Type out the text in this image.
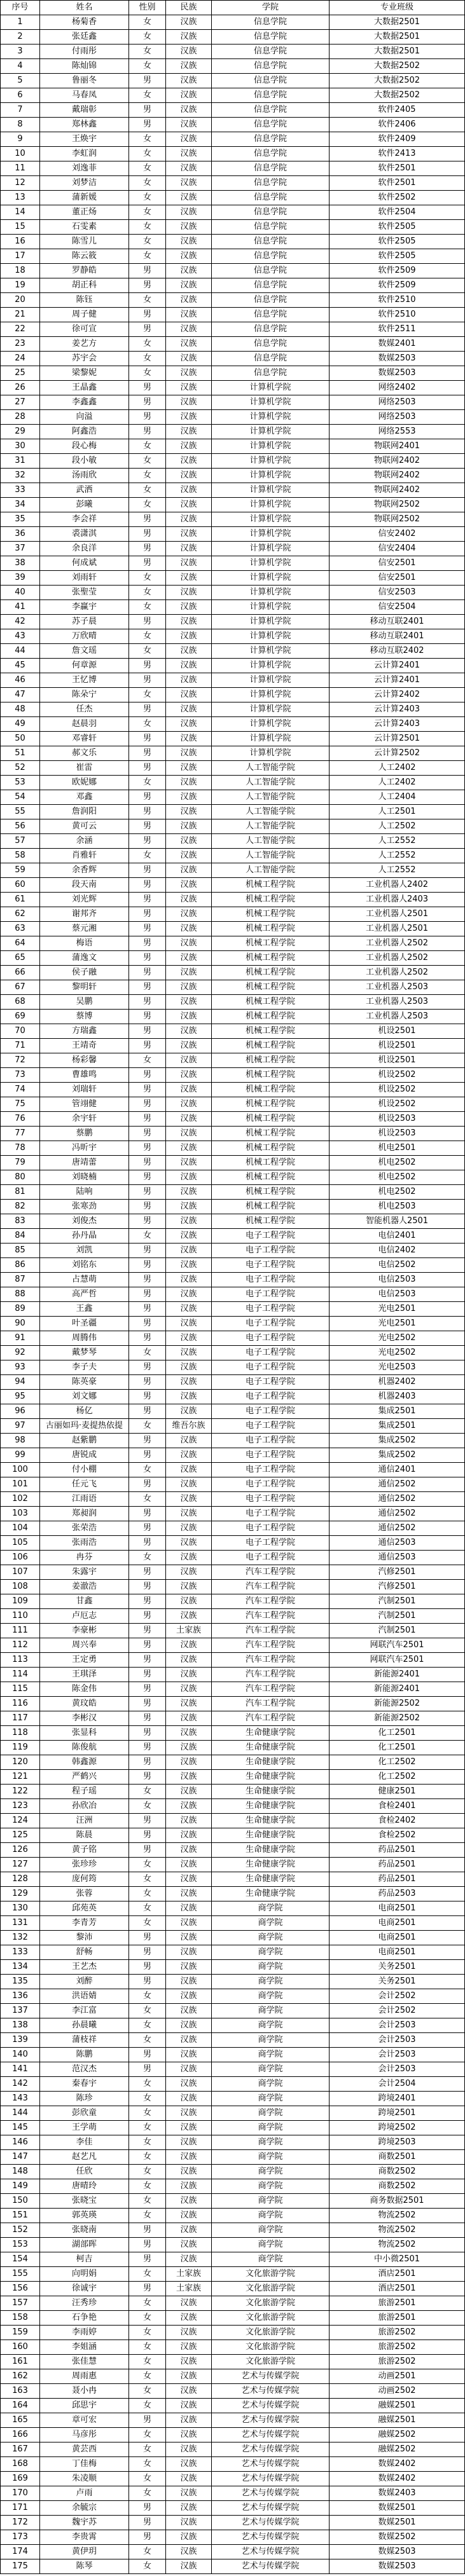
序号	姓名	性别	民族	学院	专业班级
1	杨菊香	女	汉族	信息学院	大数据2501
2	张廷鑫	女	汉族	信息学院	大数据2501
3	付雨彤	女	汉族	信息学院	大数据2501
4	陈灿锦	女	汉族	信息学院	大数据2502
5	鲁丽冬	男	汉族	信息学院	大数据2502
6	马春凤	女	汉族	信息学院	大数据2502
7	戴瑞彰	男	汉族	信息学院	软件2405
8	郑林鑫	男	汉族	信息学院	软件2406
9	王焕宇	女	汉族	信息学院	软件2409
10	李虹润	女	汉族	信息学院	软件2413
11	刘逸菲	女	汉族	信息学院	软件2501
12	刘梦洁	女	汉族	信息学院	软件2501
13	蒲新媛	女	汉族	信息学院	软件2502
14	董正炀	女	汉族	信息学院	软件2504
15	石雯素	女	汉族	信息学院	软件2505
16	陈雪儿	女	汉族	信息学院	软件2505
17	陈云筱	女	汉族	信息学院	软件2505
18	罗静皓	男	汉族	信息学院	软件2509
19	胡正科	男	汉族	信息学院	软件2509
20	陈钰	女	汉族	信息学院	软件2510
21	周子健	男	汉族	信息学院	软件2510
22	徐可宣	男	汉族	信息学院	软件2511
23	姜艺方	女	汉族	信息学院	数媒2401
24	苏宇会	女	汉族	信息学院	数媒2503
25	梁黎妮	女	汉族	信息学院	数媒2503
26	王晶鑫	男	汉族	计算机学院	网络2402
27	李鑫鑫	男	汉族	计算机学院	网络2503
28	向溢	男	汉族	计算机学院	网络2503
29	阿鑫浩	男	汉族	计算机学院	网络2553
30	段心梅	女	汉族	计算机学院	物联网2401
31	段小敏	女	汉族	计算机学院	物联网2402
32	汤雨欣	女	汉族	计算机学院	物联网2402
33	武洒	女	汉族	计算机学院	物联网2402
34	彭曦	女	汉族	计算机学院	物联网2502
35	李会祥	男	汉族	计算机学院	物联网2502
36	裘潇淇	男	汉族	计算机学院	信安2402
37	余良洋	男	汉族	计算机学院	信安2404
38	何成斌	男	汉族	计算机学院	信安2501
39	刘雨轩	女	汉族	计算机学院	信安2501
40	张聖莹	女	汉族	计算机学院	信安2503
41	李赢宇	女	汉族	计算机学院	信安2504
42	苏子晨	男	汉族	计算机学院	移动互联2401
43	万欣晴	女	汉族	计算机学院	移动互联2401
44	詹文瑶	女	汉族	计算机学院	移动互联2402
45	何章源	男	汉族	计算机学院	云计算2401
46	王忆博	男	汉族	计算机学院	云计算2401
47	陈朵宁	女	汉族	计算机学院	云计算2402
48	任杰	男	汉族	计算机学院	云计算2403
49	赵晨羽	女	汉族	计算机学院	云计算2403
50	邓睿轩	男	汉族	计算机学院	云计算2501
51	郝文乐	男	汉族	计算机学院	云计算2502
52	崔雷	男	汉族	人工智能学院	人工2402
53	欧妮娜	女	汉族	人工智能学院	人工2402
54	邓鑫	男	汉族	人工智能学院	人工2404
55	詹润阳	男	汉族	人工智能学院	人工2501
56	黄可云	男	汉族	人工智能学院	人工2502
57	余涵	男	汉族	人工智能学院	人工2552
58	肖雅轩	女	汉族	人工智能学院	人工2552
59	余香辉	男	汉族	人工智能学院	人工2552
60	段天南	男	汉族	机械工程学院	工业机器人2402
61	刘光辉	男	汉族	机械工程学院	工业机器人2403
62	谢邦齐	男	汉族	机械工程学院	工业机器人2501
63	蔡元湘	男	汉族	机械工程学院	工业机器人2501
64	梅语	男	汉族	机械工程学院	工业机器人2502
65	蒲逸文	男	汉族	机械工程学院	工业机器人2502
66	侯子融	男	汉族	机械工程学院	工业机器人2502
67	黎明轩	男	汉族	机械工程学院	工业机器人2503
68	吴鹏	男	汉族	机械工程学院	工业机器人2503
69	蔡博	男	汉族	机械工程学院	工业机器人2503
70	方瑞鑫	男	汉族	机械工程学院	机设2501
71	王靖奇	男	汉族	机械工程学院	机设2501
72	杨彩馨	女	汉族	机械工程学院	机设2501
73	曹雄鸣	男	汉族	机械工程学院	机设2502
74	刘瑞轩	男	汉族	机械工程学院	机设2502
75	管翊健	男	汉族	机械工程学院	机设2502
76	余宇轩	男	汉族	机械工程学院	机设2503
77	蔡鹏	男	汉族	机械工程学院	机设2503
78	冯昕宇	男	汉族	机械工程学院	机电2501
79	唐靖蕾	男	汉族	机械工程学院	机电2502
80	刘晓楠	男	汉族	机械工程学院	机电2502
81	陆响	男	汉族	机械工程学院	机电2502
82	张寒劲	男	汉族	机械工程学院	机电2503
83	刘俊杰	男	汉族	机械工程学院	智能机器人2501
84	孙丹晶	女	汉族	电子工程学院	电信2401
85	刘凯	男	汉族	电子工程学院	电信2402
86	刘铭东	男	汉族	电子工程学院	电信2502
87	占慧萌	男	汉族	电子工程学院	电信2503
88	高严哲	男	汉族	电子工程学院	电信2503
89	王鑫	男	汉族	电子工程学院	光电2501
90	叶圣疆	男	汉族	电子工程学院	光电2501
91	周腾伟	男	汉族	电子工程学院	光电2502
92	戴梦琴	女	汉族	电子工程学院	光电2502
93	李子夫	男	汉族	电子工程学院	光电2503
94	陈英豪	男	汉族	电子工程学院	机器2402
95	刘文娜	男	汉族	电子工程学院	机器2403
96	杨亿	男	汉族	电子工程学院	集成2501
97	古丽如玛·麦提热依提	女	维吾尔族	电子工程学院	集成2501
98	赵紫鹏	男	汉族	电子工程学院	集成2502
99	唐锐成	男	汉族	电子工程学院	集成2502
100	付小棚	女	汉族	电子工程学院	通信2401
101	任元飞	男	汉族	电子工程学院	通信2502
102	江雨语	女	汉族	电子工程学院	通信2502
103	郑昶润	男	汉族	电子工程学院	通信2502
104	张荣浩	男	汉族	电子工程学院	通信2502
105	张雨浩	男	汉族	电子工程学院	通信2503
106	冉芬	女	汉族	电子工程学院	通信2503
107	朱露宇	男	汉族	汽车工程学院	汽修2501
108	姜澈浩	男	汉族	汽车工程学院	汽修2501
109	甘鑫	男	汉族	汽车工程学院	汽制2501
110	卢厄志	男	汉族	汽车工程学院	汽制2501
111	李豪彬	男	土家族	汽车工程学院	汽制2501
112	周兴奉	男	汉族	汽车工程学院	网联汽车2501
113	王定勇	男	汉族	汽车工程学院	网联汽车2501
114	王琪泽	男	汉族	汽车工程学院	新能源2401
115	陈金伟	男	汉族	汽车工程学院	新能源2401
116	黄玟皓	男	汉族	汽车工程学院	新能源2502
117	李彬汉	男	汉族	汽车工程学院	新能源2502
118	张显科	男	汉族	生命健康学院	化工2501
119	陈俊航	男	汉族	生命健康学院	化工2501
120	韩鑫源	男	汉族	生命健康学院	化工2502
121	严鹤兴	男	汉族	生命健康学院	化工2502
122	程子瑶	女	汉族	生命健康学院	健康2501
123	孙欣冶	女	汉族	生命健康学院	食检2401
124	汪洲	男	汉族	生命健康学院	食检2402
125	陈晨	男	汉族	生命健康学院	食检2502
126	黄子铭	男	汉族	生命健康学院	药品2501
127	张珍珍	女	汉族	生命健康学院	药品2501
128	庞何筠	女	汉族	生命健康学院	药品2501
129	张蓉	女	汉族	生命健康学院	药品2503
130	邱苑英	女	汉族	商学院	电商2501
131	李青芳	女	汉族	商学院	电商2501
132	黎沛	男	汉族	商学院	电商2501
133	舒畅	男	汉族	商学院	电商2501
134	王艺杰	男	汉族	商学院	关务2501
135	刘醉	男	汉族	商学院	关务2501
136	洪语婧	女	汉族	商学院	会计2502
137	李江富	女	汉族	商学院	会计2502
138	孙晨曦	女	汉族	商学院	会计2503
139	蒲枝祥	女	汉族	商学院	会计2503
140	陈鹏	男	汉族	商学院	会计2503
141	范汉杰	男	汉族	商学院	会计2503
142	秦春宇	女	汉族	商学院	会计2504
143	陈珍	女	汉族	商学院	跨境2401
144	彭欣童	女	汉族	商学院	跨境2501
145	王学萌	女	汉族	商学院	跨境2502
146	李佳	女	汉族	商学院	跨境2503
147	赵艺凡	女	汉族	商学院	商数2501
148	任欣	女	汉族	商学院	商数2502
149	唐晴玲	女	汉族	商学院	商数2502
150	张晓宝	女	汉族	商学院	商务数据2501
151	郭英瑛	女	汉族	商学院	物流2502
152	张晓南	男	汉族	商学院	物流2502
153	湖部晖	男	汉族	商学院	物流2502
154	柯吉	男	汉族	商学院	中小微2501
155	向明娟	女	土家族	文化旅游学院	酒店2501
156	徐诚宇	男	土家族	文化旅游学院	酒店2501
157	汪秀珍	女	汉族	文化旅游学院	旅游2501
158	石争艳	女	汉族	文化旅游学院	旅游2501
159	李雨婷	女	汉族	文化旅游学院	旅游2502
160	李姐涵	女	汉族	文化旅游学院	旅游2502
161	张佳慧	女	汉族	文化旅游学院	旅游2502
162	周雨惠	女	汉族	艺术与传媒学院	动画2501
163	聂小冉	女	汉族	艺术与传媒学院	动画2502
164	邱思宇	女	汉族	艺术与传媒学院	融媒2501
165	章可宏	男	汉族	艺术与传媒学院	融媒2501
166	马彦彤	女	汉族	艺术与传媒学院	融媒2502
167	黄芸西	女	汉族	艺术与传媒学院	融媒2502
168	丁佳梅	女	汉族	艺术与传媒学院	数媒2402
169	朱凌顺	女	汉族	艺术与传媒学院	数媒2402
170	卢雨	女	汉族	艺术与传媒学院	数媒2403
171	余毓宗	男	汉族	艺术与传媒学院	数媒2501
172	魏宇苏	男	汉族	艺术与传媒学院	数媒2501
173	李贵霄	男	汉族	艺术与传媒学院	数媒2502
174	黄伊玥	女	汉族	艺术与传媒学院	数媒2503
175	陈琴	女	汉族	艺术与传媒学院	数媒2503
